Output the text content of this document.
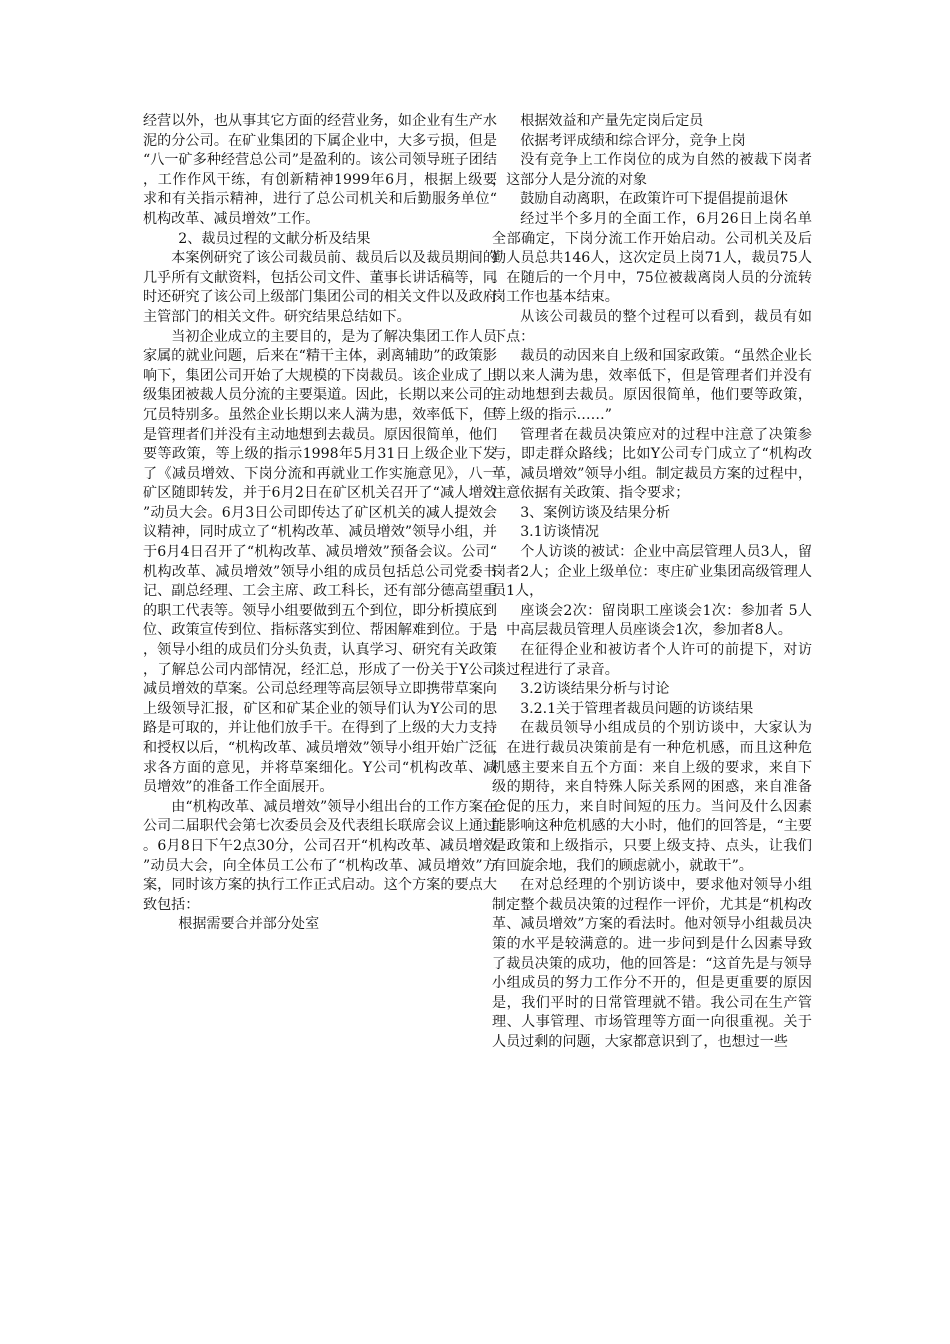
经营以外，也从事其它方面的经营业务，如企业有生产水泥的分公司。在矿业集团的下属企业中，大多亏损，但是“八一矿多种经营总公司”是盈利的。该公司领导班子团结，工作作风干练，有创新精神1999年6月，根据上级要求和有关指示精神，进行了总公司机关和后勤服务单位“机构改革、减员增效”工作。

2、裁员过程的文献分析及结果

本案例研究了该公司裁员前、裁员后以及裁员期间的几乎所有文献资料，包括公司文件、董事长讲话稿等，同时还研究了该公司上级部门集团公司的相关文件以及政府主管部门的相关文件。研究结果总结如下。

当初企业成立的主要目的，是为了解决集团工作人员家属的就业问题，后来在“精干主体，剥离辅助”的政策影响下，集团公司开始了大规模的下岗裁员。该企业成了上级集团被裁人员分流的主要渠道。因此，长期以来公司的冗员特别多。虽然企业长期以来人满为患，效率低下，但是管理者们并没有主动地想到去裁员。原因很简单，他们要等政策，等上级的指示1998年5月31日上级企业下发了《减员增效、下岗分流和再就业工作实施意见》，八一矿区随即转发，并于6月2日在矿区机关召开了“减人增效”动员大会。6月3日公司即传达了矿区机关的减人提效会议精神，同时成立了“机构改革、减员增效”领导小组，并于6月4日召开了“机构改革、减员增效”预备会议。公司“机构改革、减员增效”领导小组的成员包括总公司党委书记、副总经理、工会主席、政工科长，还有部分德高望重的职工代表等。领导小组要做到五个到位，即分析摸底到位、政策宣传到位、指标落实到位、帮困解难到位。于是，领导小组的成员们分头负责，认真学习、研究有关政策，了解总公司内部情况，经汇总，形成了一份关于Y公司减员增效的草案。公司总经理等高层领导立即携带草案向上级领导汇报，矿区和矿某企业的领导们认为Y公司的思路是可取的，并让他们放手干。在得到了上级的大力支持和授权以后，“机构改革、减员增效”领导小组开始广泛征求各方面的意见，并将草案细化。Y公司“机构改革、减员增效”的准备工作全面展开。

由“机构改革、减员增效”领导小组出台的工作方案在公司二届职代会第七次委员会及代表组长联席会议上通过。6月8日下午2点30分，公司召开“机构改革、减员增效”动员大会，向全体员工公布了“机构改革、减员增效”方案，同时该方案的执行工作正式启动。这个方案的要点大致包括：

根据需要合并部分处室

根据效益和产量先定岗后定员

依据考评成绩和综合评分，竞争上岗

没有竞争上工作岗位的成为自然的被裁下岗者，这部分人是分流的对象

鼓励自动离职，在政策许可下提倡提前退休

经过半个多月的全面工作，6月26日上岗名单全部确定，下岗分流工作开始启动。公司机关及后勤人员总共146人，这次定员上岗71人，裁员75人。在随后的一个月中，75位被裁离岗人员的分流转岗工作也基本结束。

从该公司裁员的整个过程可以看到，裁员有如下点：

裁员的动因来自上级和国家政策。“虽然企业长期以来人满为患，效率低下，但是管理者们并没有主动地想到去裁员。原因很简单，他们要等政策，等上级的指示……”

管理者在裁员决策应对的过程中注意了决策参与，即走群众路线；比如Y公司专门成立了“机构改革，减员增效”领导小组。制定裁员方案的过程中，注意依据有关政策、指令要求；

3、案例访谈及结果分析

3.1访谈情况

个人访谈的被试：企业中高层管理人员3人，留岗者2人；企业上级单位：枣庄矿业集团高级管理人员1人，

座谈会2次：留岗职工座谈会1次：参加者 5人；中高层裁员管理人员座谈会1次，参加者8人。

在征得企业和被访者个人许可的前提下，对访谈过程进行了录音。

3.2访谈结果分析与讨论

3.2.1关于管理者裁员问题的访谈结果

在裁员领导小组成员的个别访谈中，大家认为，在进行裁员决策前是有一种危机感，而且这种危机感主要来自五个方面：来自上级的要求，来自下级的期待，来自特殊人际关系网的困惑，来自准备仓促的压力，来自时间短的压力。当问及什么因素能影响这种危机感的大小时，他们的回答是，“主要是政策和上级指示，只要上级支持、点头，让我们有回旋余地，我们的顾虑就小，就敢干”。

在对总经理的个别访谈中，要求他对领导小组制定整个裁员决策的过程作一评价，尤其是“机构改革、减员增效”方案的看法时。他对领导小组裁员决策的水平是较满意的。进一步问到是什么因素导致了裁员决策的成功，他的回答是：“这首先是与领导小组成员的努力工作分不开的，但是更重要的原因是，我们平时的日常管理就不错。我公司在生产管理、人事管理、市场管理等方面一向很重视。关于人员过剩的问题，大家都意识到了，也想过一些
